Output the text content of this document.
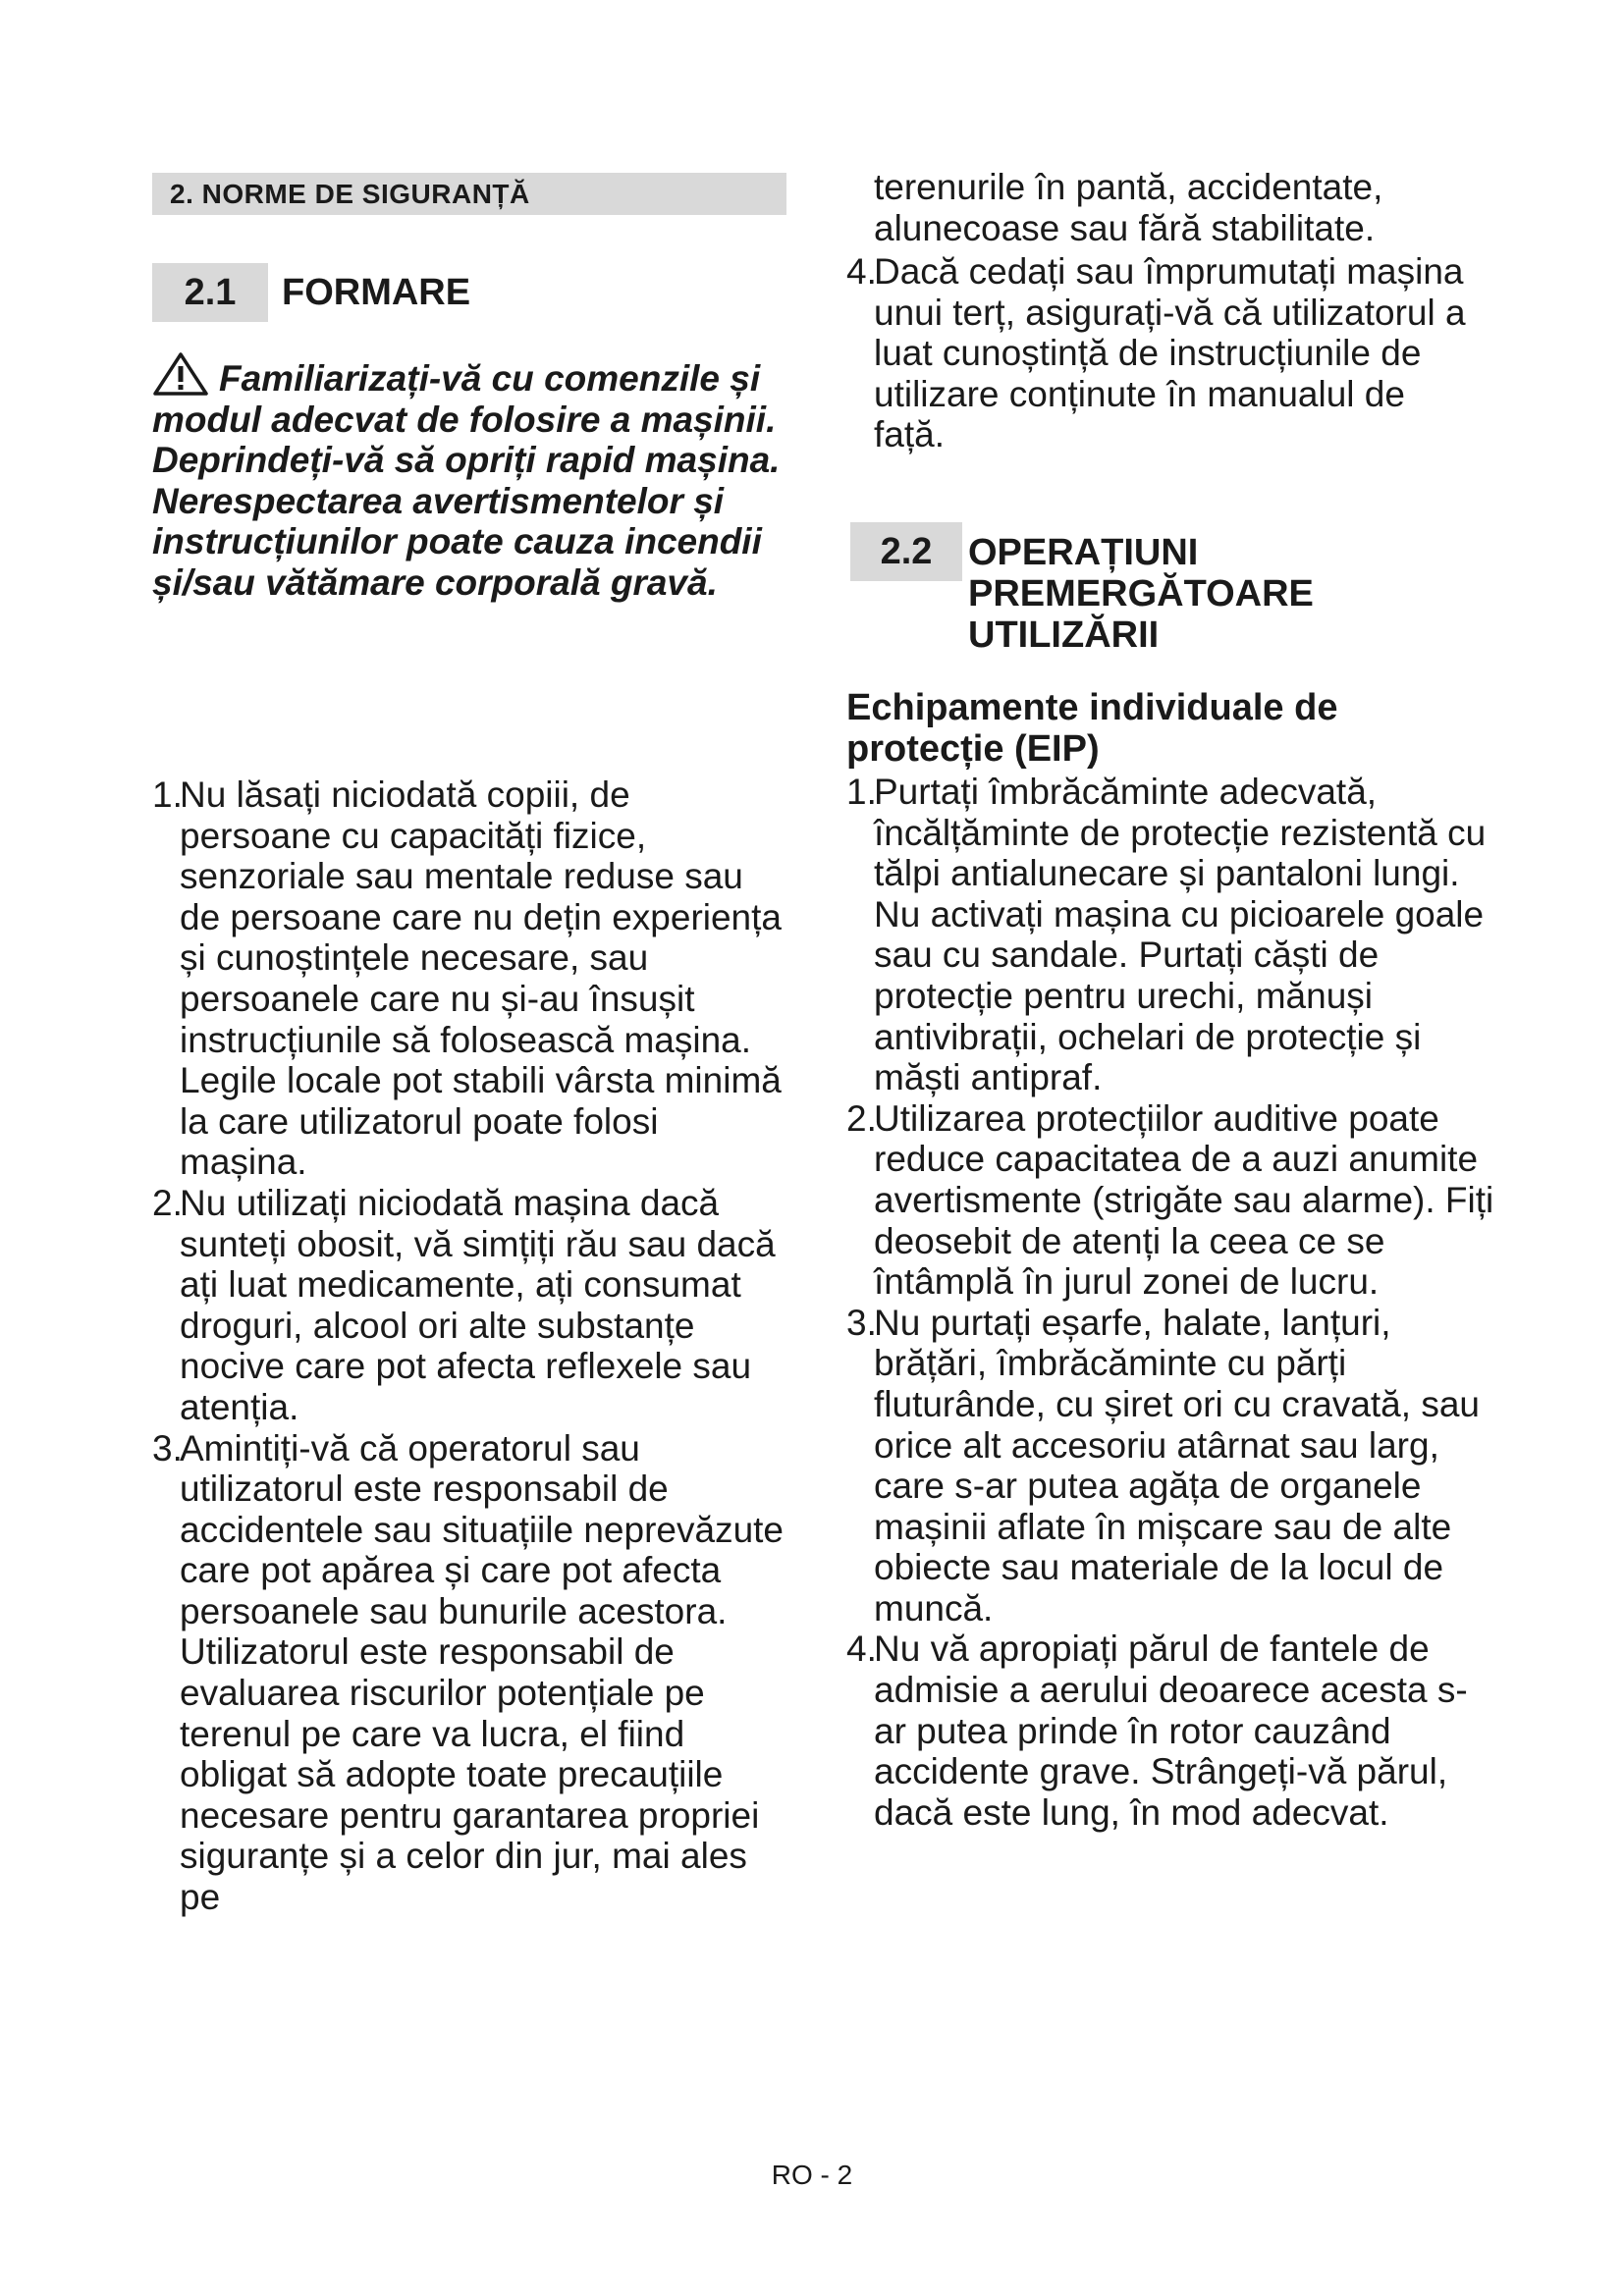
2. NORME DE SIGURANȚĂ
2.1	FORMARE
Familiarizați-vă cu comenzile și modul adecvat de folosire a mașinii. Deprindeți-vă să opriți rapid mașina. Nerespectarea avertismentelor și instrucțiunilor poate cauza incendii și/sau vătămare corporală gravă.
1.
Nu lăsați niciodată copiii, de persoane cu capacități fizice, senzoriale sau mentale reduse sau de persoane care nu dețin experiența și cunoștințele necesare, sau persoanele care nu și-au însușit instrucțiunile să folosească mașina. Legile locale pot stabili vârsta minimă la care utilizatorul poate folosi mașina.
2.
Nu utilizați niciodată mașina dacă sunteți obosit, vă simțiți rău sau dacă ați luat medicamente, ați consumat droguri, alcool ori alte substanțe nocive care pot afecta reflexele sau atenția.
3.
Amintiți-vă că operatorul sau utilizatorul este responsabil de accidentele sau situațiile neprevăzute care pot apărea și care pot afecta persoanele sau bunurile acestora. Utilizatorul este responsabil de evaluarea riscurilor potențiale pe terenul pe care va lucra, el fiind obligat să adopte toate precauțiile necesare pentru garantarea propriei siguranțe și a celor din jur, mai ales pe
terenurile în pantă, accidentate, alunecoase sau fără stabilitate.
4.
Dacă cedați sau împrumutați mașina unui terț, asigurați-vă că utilizatorul a luat cunoștință de instrucțiunile de utilizare conținute în manualul de față.
2.2 OPERAȚIUNI
PREMERGĂTOARE
UTILIZĂRII
Echipamente individuale de protecție (EIP)
1.
Purtați îmbrăcăminte adecvată, încălțăminte de protecție rezistentă cu tălpi antialunecare și pantaloni lungi. Nu activați mașina cu picioarele goale sau cu sandale. Purtați căști de protecție pentru urechi, mănuși antivibrații, ochelari de protecție și măști antipraf.
2.
Utilizarea protecțiilor auditive poate reduce capacitatea de a auzi anumite avertismente (strigăte sau alarme). Fiți deosebit de atenți la ceea ce se întâmplă în jurul zonei de lucru.
3.
Nu purtați eșarfe, halate, lanțuri, brățări, îmbrăcăminte cu părți fluturânde, cu șiret ori cu cravată, sau orice alt accesoriu atârnat sau larg, care s-ar putea agăța de organele mașinii aflate în mișcare sau de alte obiecte sau materiale de la locul de muncă.
4.
Nu vă apropiați părul de fantele de admisie a aerului deoarece acesta s-ar putea prinde în rotor cauzând accidente grave. Strângeți-vă părul, dacă este lung, în mod adecvat.
RO - 2
